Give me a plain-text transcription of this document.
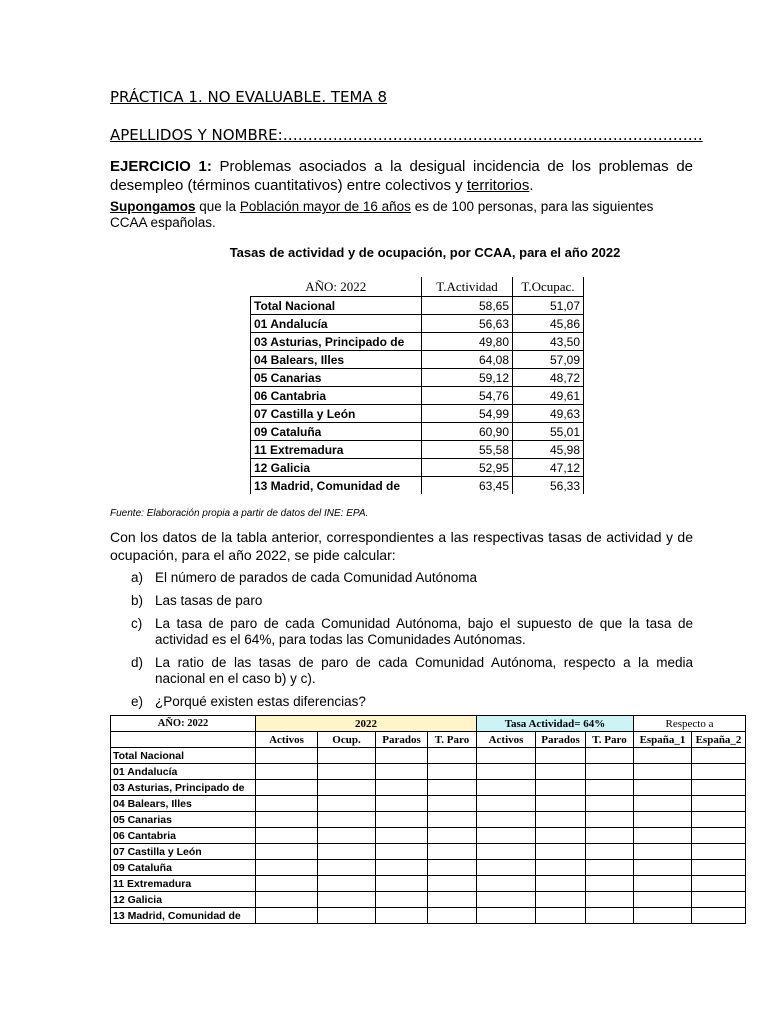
PRÁCTICA 1. NO EVALUABLE. TEMA 8
APELLIDOS Y NOMBRE:…………………………………………………………………………
EJERCICIO 1: Problemas asociados a la desigual incidencia de los problemas de desempleo (términos cuantitativos) entre colectivos y territorios.
Supongamos que la Población mayor de 16 años es de 100 personas, para las siguientes CCAA españolas.
Tasas de actividad y de ocupación, por CCAA, para el año 2022
AÑO: 2022	T.Actividad	T.Ocupac.
Total Nacional	58,65	51,07
01 Andalucía	56,63	45,86
03 Asturias, Principado de	49,80	43,50
04 Balears, Illes	64,08	57,09
05 Canarias	59,12	48,72
06 Cantabria	54,76	49,61
07 Castilla y León	54,99	49,63
09 Cataluña	60,90	55,01
11 Extremadura	55,58	45,98
12 Galicia	52,95	47,12
13 Madrid, Comunidad de	63,45	56,33
Fuente: Elaboración propia a partir de datos del INE: EPA.
Con los datos de la tabla anterior, correspondientes a las respectivas tasas de actividad y de ocupación, para el año 2022, se pide calcular:
a) El número de parados de cada Comunidad Autónoma
b) Las tasas de paro
c) La tasa de paro de cada Comunidad Autónoma, bajo el supuesto de que la tasa de actividad es el 64%, para todas las Comunidades Autónomas.
d) La ratio de las tasas de paro de cada Comunidad Autónoma, respecto a la media nacional en el caso b) y c).
e) ¿Porqué existen estas diferencias?
AÑO: 2022	2022				Tasa Actividad= 64%			Respecto a	
	Activos	Ocup.	Parados	T. Paro	Activos	Parados	T. Paro	España_1	España_2
Total Nacional									
01 Andalucía									
03 Asturias, Principado de									
04 Balears, Illes									
05 Canarias									
06 Cantabria									
07 Castilla y León									
09 Cataluña									
11 Extremadura									
12 Galicia									
13 Madrid, Comunidad de									
